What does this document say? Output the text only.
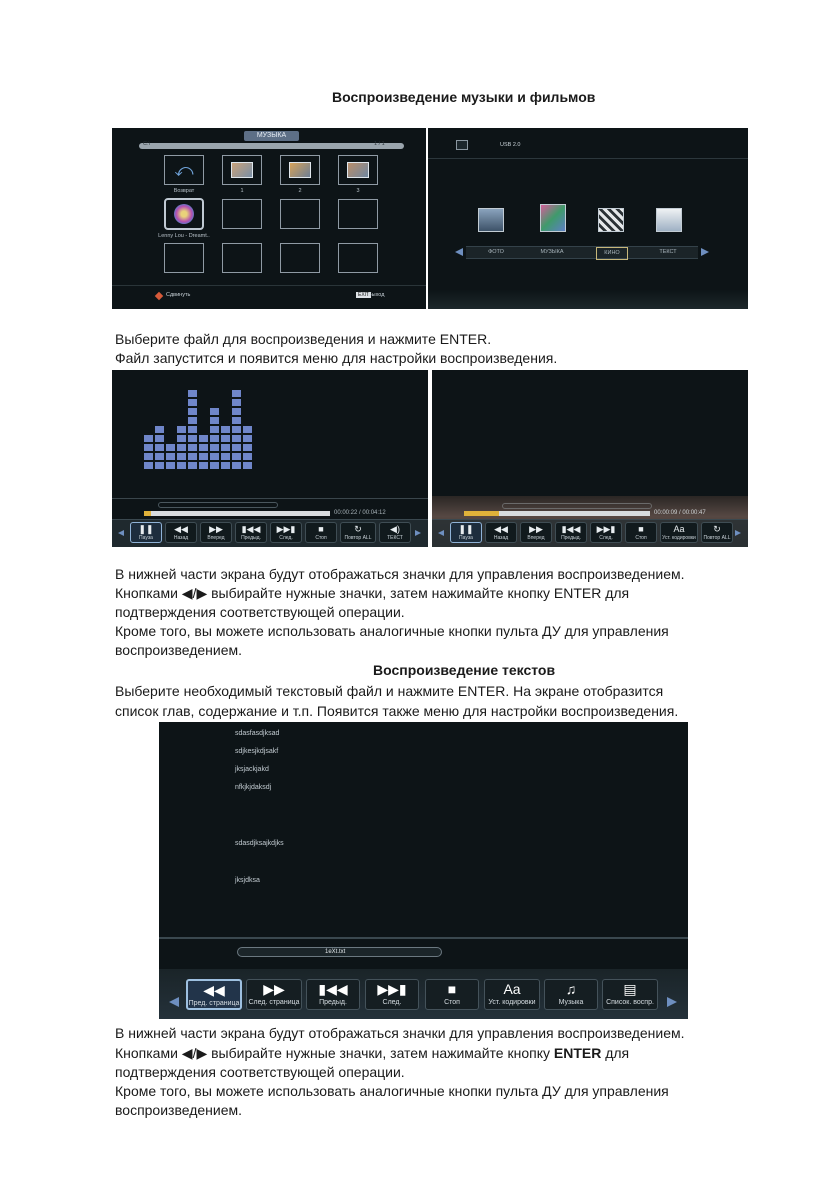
Воспроизведение музыки и фильмов
МУЗЫКА
C:\	1 / 1
⤺
Возврат	1	2	3
Lenny Lou - Dreamt..
Сдвинуть	EXIT
Выход
USB 2.0
ФОТО	МУЗЫКА	КИНО	ТЕКСТ

Выберите файл для воспроизведения и нажмите ENTER.

Файл запустится и появится меню для настройки воспроизведения.

00:00:22 / 00:04:12
❚❚
Пауза
◀◀
Назад
▶▶
Вперед
▮◀◀
Предыд.
▶▶▮
След.
■
Стоп
↻
Повтор ALL
◀)
ТЕКСТ
00:00:09 / 00:00:47
❚❚
Пауза
◀◀
Назад
▶▶
Вперед
▮◀◀
Предыд.
▶▶▮
След.
■
Стоп
Aa
Уст. кодировки
↻
Повтор ALL

В нижней части экрана будут отображаться значки для управления воспроизведением.

Кнопками ◀/▶ выбирайте нужные значки, затем нажимайте кнопку ENTER для

подтверждения соответствующей операции.

Кроме того, вы можете использовать аналогичные кнопки пульта ДУ для управления

воспроизведением.

Воспроизведение текстов

Выберите необходимый текстовый файл и нажмите ENTER. На экране отобразится

список глав, содержание и т.п. Появится также меню для настройки воспроизведения.

sdasfasdjksad
sdjkesjkdjsakf
jksjackjakd
nfkjkjdaksdj
sdasdjksajkdjks
jksjdksa
1eXt.txt
◀◀
Пред. страница
▶▶
След. страница
▮◀◀
Предыд.
▶▶▮
След.
■
Стоп
Aa
Уст. кодировки
♫
Музыка
▤
Список. воспр.

В нижней части экрана будут отображаться значки для управления воспроизведением.

Кнопками ◀/▶ выбирайте нужные значки, затем нажимайте кнопку ENTER для

подтверждения соответствующей операции.

Кроме того, вы можете использовать аналогичные кнопки пульта ДУ для управления

воспроизведением.
